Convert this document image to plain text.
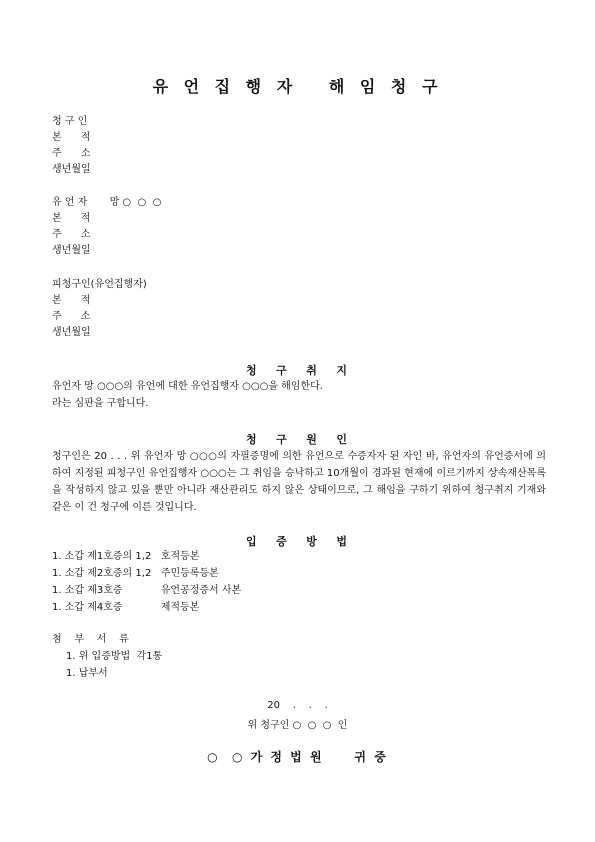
유 언 집 행 자   해 임 청 구
청 구 인
본      적
주      소
생년월일
유 언 자       망 ○  ○  ○
본      적
주      소
생년월일
피청구인(유언집행자)
본      적
주      소
생년월일
청   구   취   지
유언자 망 ○○○의 유언에 대한 유언집행자 ○○○을 해임한다.
라는 심판을 구합니다.
청   구   원   인
청구인은 20 . . . 위 유언자 망 ○○○의 자필증명에 의한 유언으로 수증자자 된 자인 바, 유언자의 유언증서에 의하여 지정된 피청구인 유언집행자 ○○○는 그 취임을 승낙하고 10개월이 경과된 현재에 이르기까지 상속재산목록을 작성하지 않고 있을 뿐만 아니라 재산관리도 하지 않은 상태이므로, 그 해임을 구하기 위하여 청구취지 기재와 같은 이 건 청구에 이른 것입니다.
입   증   방   법
1. 소갑 제1호증의 1,2   호적등본
1. 소갑 제2호증의 1,2   주민등록등본
1. 소갑 제3호증            유언공정증서 사본
1. 소갑 제4호증            제적등본
첨    부    서    류
1. 위 입증방법  각1통
1. 납부서
20    .    .    .
위 청구인 ○  ○  ○  인
○  ○ 가 정 법 원     귀 중
